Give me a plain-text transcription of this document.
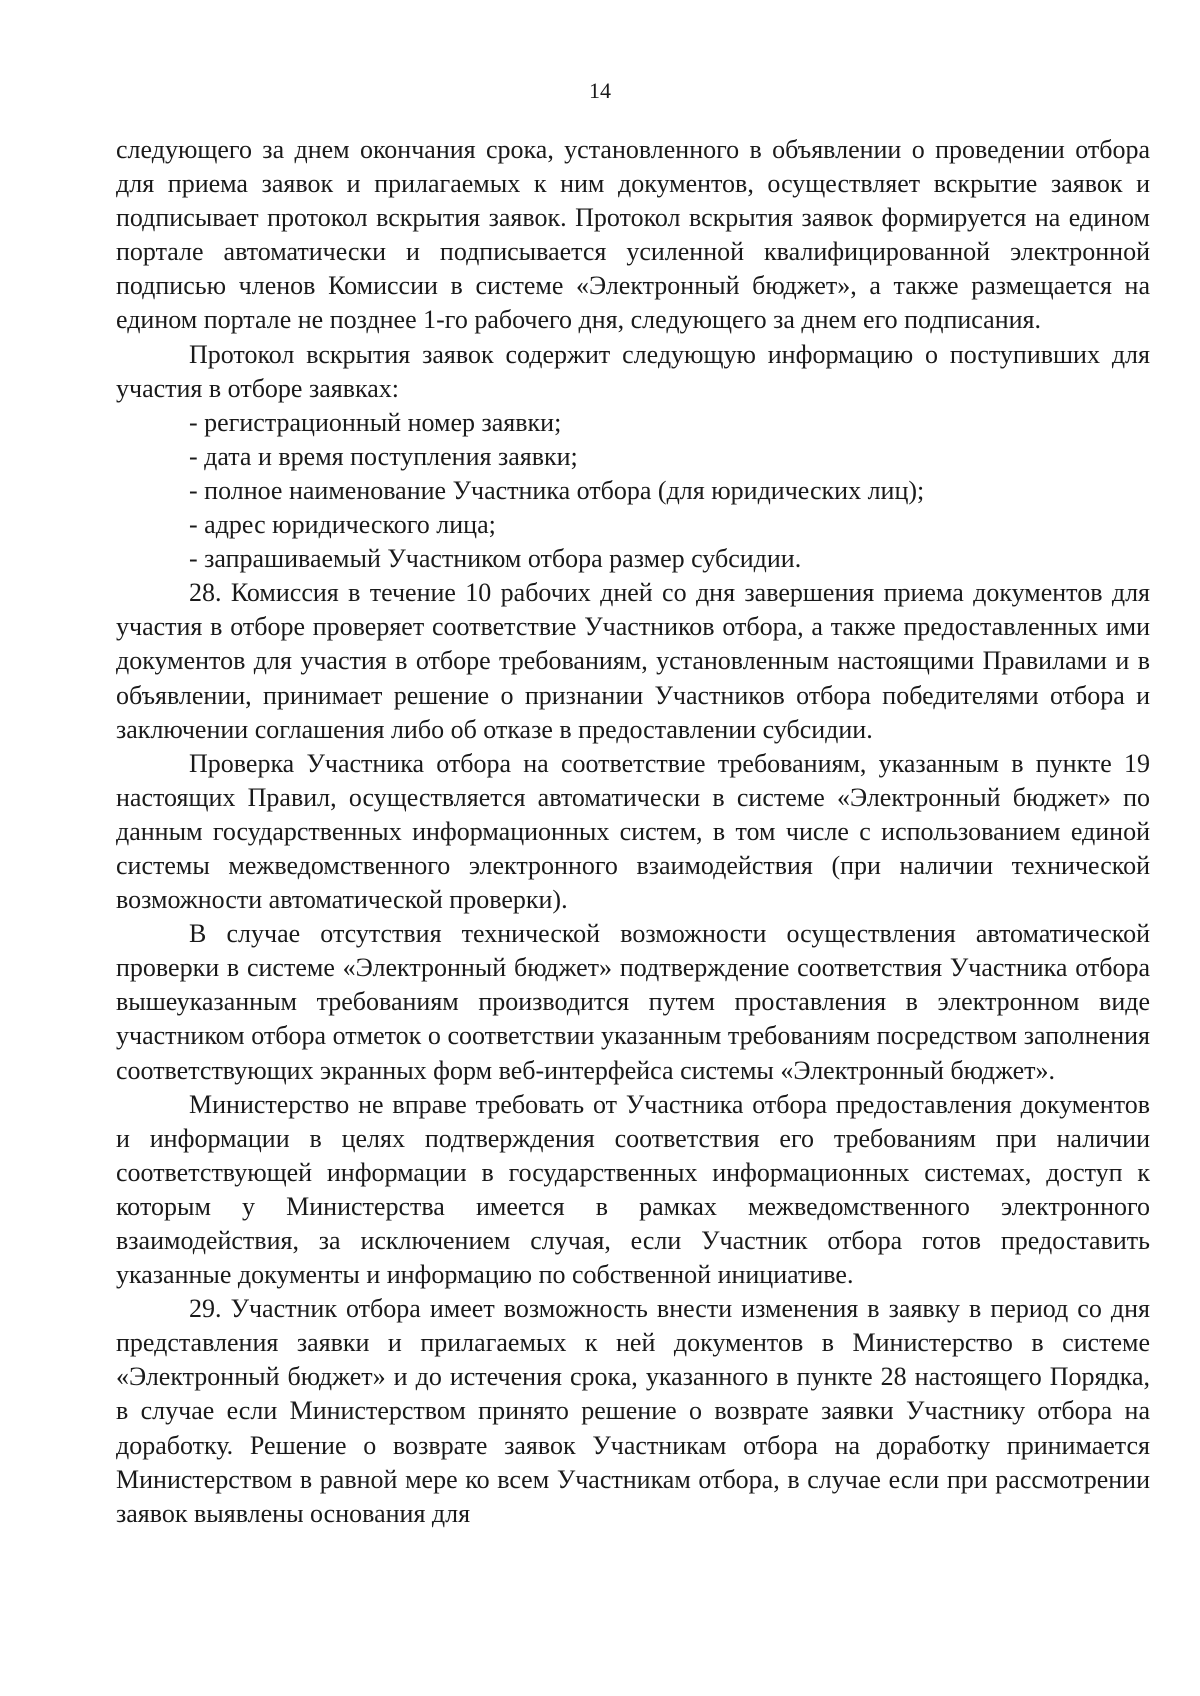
14

следующего за днем окончания срока, установленного в объявлении о проведении отбора для приема заявок и прилагаемых к ним документов, осуществляет вскрытие заявок и подписывает протокол вскрытия заявок. Протокол вскрытия заявок формируется на едином портале автоматически и подписывается усиленной квалифицированной электронной подписью членов Комиссии в системе «Электронный бюджет», а также размещается на едином портале не позднее 1-го рабочего дня, следующего за днем его подписания.

Протокол вскрытия заявок содержит следующую информацию о поступивших для участия в отборе заявках:

- регистрационный номер заявки;

- дата и время поступления заявки;

- полное наименование Участника отбора (для юридических лиц);

- адрес юридического лица;

- запрашиваемый Участником отбора размер субсидии.

28. Комиссия в течение 10 рабочих дней со дня завершения приема документов для участия в отборе проверяет соответствие Участников отбора, а также предоставленных ими документов для участия в отборе требованиям, установленным настоящими Правилами и в объявлении, принимает решение о признании Участников отбора победителями отбора и заключении соглашения либо об отказе в предоставлении субсидии.

Проверка Участника отбора на соответствие требованиям, указанным в пункте 19 настоящих Правил, осуществляется автоматически в системе «Электронный бюджет» по данным государственных информационных систем, в том числе с использованием единой системы межведомственного электронного взаимодействия (при наличии технической возможности автоматической проверки).

В случае отсутствия технической возможности осуществления автоматической проверки в системе «Электронный бюджет» подтверждение соответствия Участника отбора вышеуказанным требованиям производится путем проставления в электронном виде участником отбора отметок о соответствии указанным требованиям посредством заполнения соответствующих экранных форм веб-интерфейса системы «Электронный бюджет».

Министерство не вправе требовать от Участника отбора предоставления документов и информации в целях подтверждения соответствия его требованиям при наличии соответствующей информации в государственных информационных системах, доступ к которым у Министерства имеется в рамках межведомственного электронного взаимодействия, за исключением случая, если Участник отбора готов предоставить указанные документы и информацию по собственной инициативе.

29. Участник отбора имеет возможность внести изменения в заявку в период со дня представления заявки и прилагаемых к ней документов в Министерство в системе «Электронный бюджет» и до истечения срока, указанного в пункте 28 настоящего Порядка, в случае если Министерством принято решение о возврате заявки Участнику отбора на доработку. Решение о возврате заявок Участникам отбора на доработку принимается Министерством в равной мере ко всем Участникам отбора, в случае если при рассмотрении заявок выявлены основания для
